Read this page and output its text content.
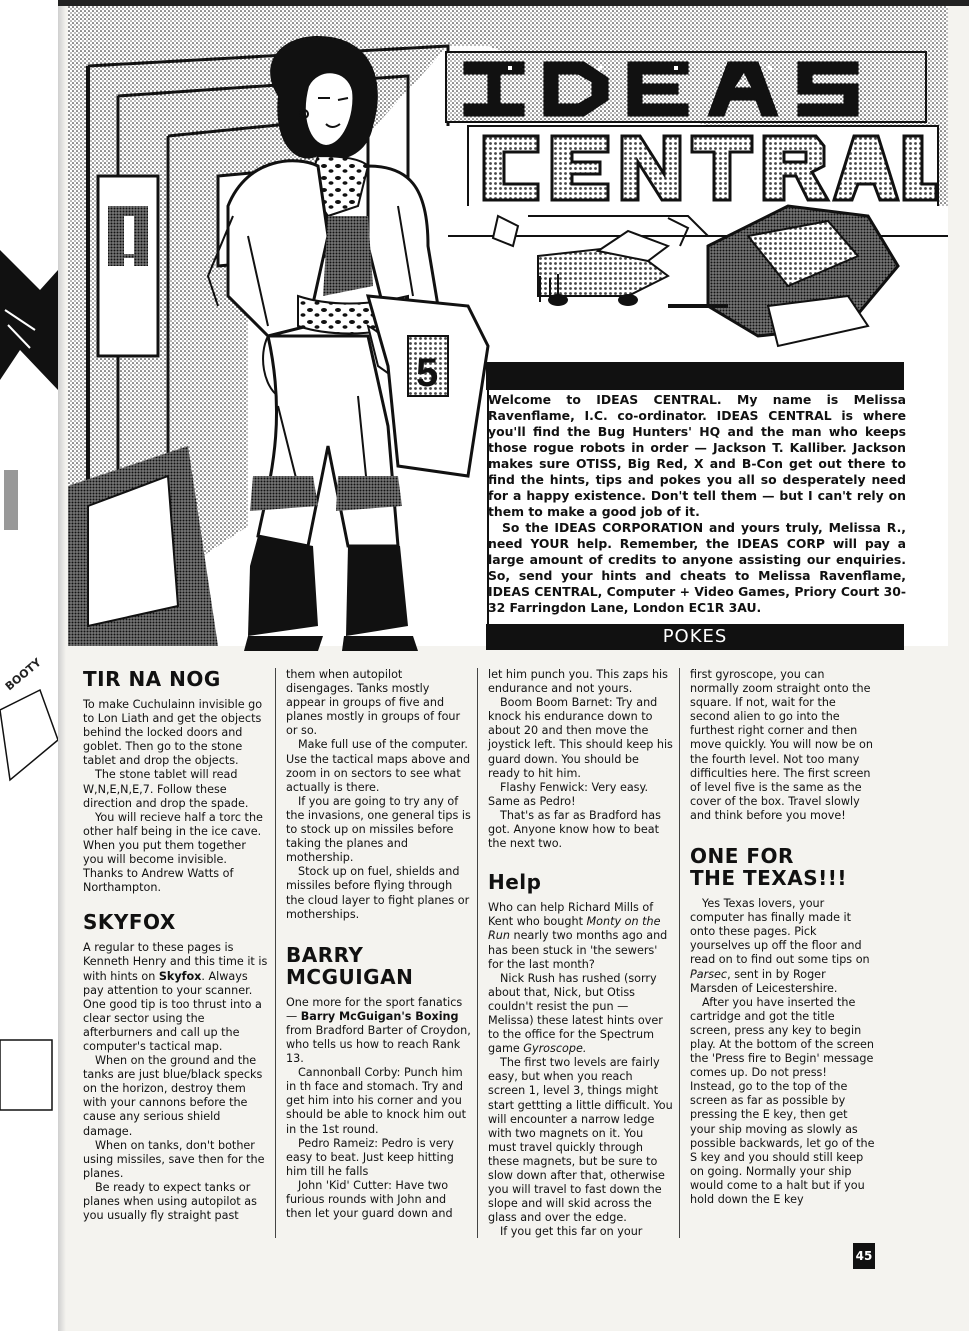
BOOTY
5

Welcome to IDEAS CENTRAL. My name is Melissa Ravenflame, I.C. co-ordinator. IDEAS CENTRAL is where you'll find the Bug Hunters' HQ and the man who keeps those rogue robots in order — Jackson T. Kalliber. Jackson makes sure OTISS, Big Red, X and B-Con get out there to find the hints, tips and pokes you all so desperately need for a happy existence. Don't tell them — but I can't rely on them to make a good job of it.

So the IDEAS CORPORATION and yours truly, Melissa R., need YOUR help. Remember, the IDEAS CORP will pay a large amount of credits to anyone assisting our enquiries. So, send your hints and cheats to Melissa Ravenflame, IDEAS CENTRAL, Computer + Video Games, Priory Court 30-32 Farringdon Lane, London EC1R 3AU.

POKES
TIR NA NOG

To make Cuchulainn invisible go to Lon Liath and get the objects behind the locked doors and goblet. Then go to the stone tablet and drop the objects.

The stone tablet will read W,N,E,N,E,7. Follow these direction and drop the spade.

You will recieve half a torc the other half being in the ice cave. When you put them together you will become invisible. Thanks to Andrew Watts of Northampton.

SKYFOX

A regular to these pages is Kenneth Henry and this time it is with hints on Skyfox. Always pay attention to your scanner. One good tip is too thrust into a clear sector using the afterburners and call up the computer's tactical map.

When on the ground and the tanks are just blue/black specks on the horizon, destroy them with your cannons before the cause any serious shield damage.

When on tanks, don't bother using missiles, save then for the planes.

Be ready to expect tanks or planes when using autopilot as you usually fly straight past

them when autopilot disengages. Tanks mostly appear in groups of five and planes mostly in groups of four or so.

Make full use of the computer. Use the tactical maps above and zoom in on sectors to see what actually is there.

If you are going to try any of the invasions, one general tips is to stock up on missiles before taking the planes and mothership.

Stock up on fuel, shields and missiles before flying through the cloud layer to fight planes or motherships.

BARRY
MCGUIGAN

One more for the sport fanatics — Barry McGuigan's Boxing from Bradford Barter of Croydon, who tells us how to reach Rank 13.

Cannonball Corby: Punch him in th face and stomach. Try and get him into his corner and you should be able to knock him out in the 1st round.

Pedro Rameiz: Pedro is very easy to beat. Just keep hitting him till he falls

John 'Kid' Cutter: Have two furious rounds with John and then let your guard down and

let him punch you. This zaps his endurance and not yours.

Boom Boom Barnet: Try and knock his endurance down to about 20 and then move the joystick left. This should keep his guard down. You should be ready to hit him.

Flashy Fenwick: Very easy. Same as Pedro!

That's as far as Bradford has got. Anyone know how to beat the next two.

Help

Who can help Richard Mills of Kent who bought Monty on the Run nearly two months ago and has been stuck in 'the sewers' for the last month?

Nick Rush has rushed (sorry about that, Nick, but Otiss couldn't resist the pun — Melissa) these latest hints over to the office for the Spectrum game Gyroscope.

The first two levels are fairly easy, but when you reach screen 1, level 3, things might start gettting a little difficult. You will encounter a narrow ledge with two magnets on it. You must travel quickly through these magnets, but be sure to slow down after that, otherwise you will travel to fast down the slope and will skid across the glass and over the edge.

If you get this far on your

first gyroscope, you can normally zoom straight onto the square. If not, wait for the second alien to go into the furthest right corner and then move quickly. You will now be on the fourth level. Not too many difficulties here. The first screen of level five is the same as the cover of the box. Travel slowly and think before you move!

ONE FOR
THE TEXAS!!!

Yes Texas lovers, your computer has finally made it onto these pages. Pick yourselves up off the floor and read on to find out some tips on Parsec, sent in by Roger Marsden of Leicestershire.

After you have inserted the cartridge and got the title screen, press any key to begin play. At the bottom of the screen the 'Press fire to Begin' message comes up. Do not press! Instead, go to the top of the screen as far as possible by pressing the E key, then get your ship moving as slowly as possible backwards, let go of the S key and you should still keep on going. Normally your ship would come to a halt but if you hold down the E key

45
